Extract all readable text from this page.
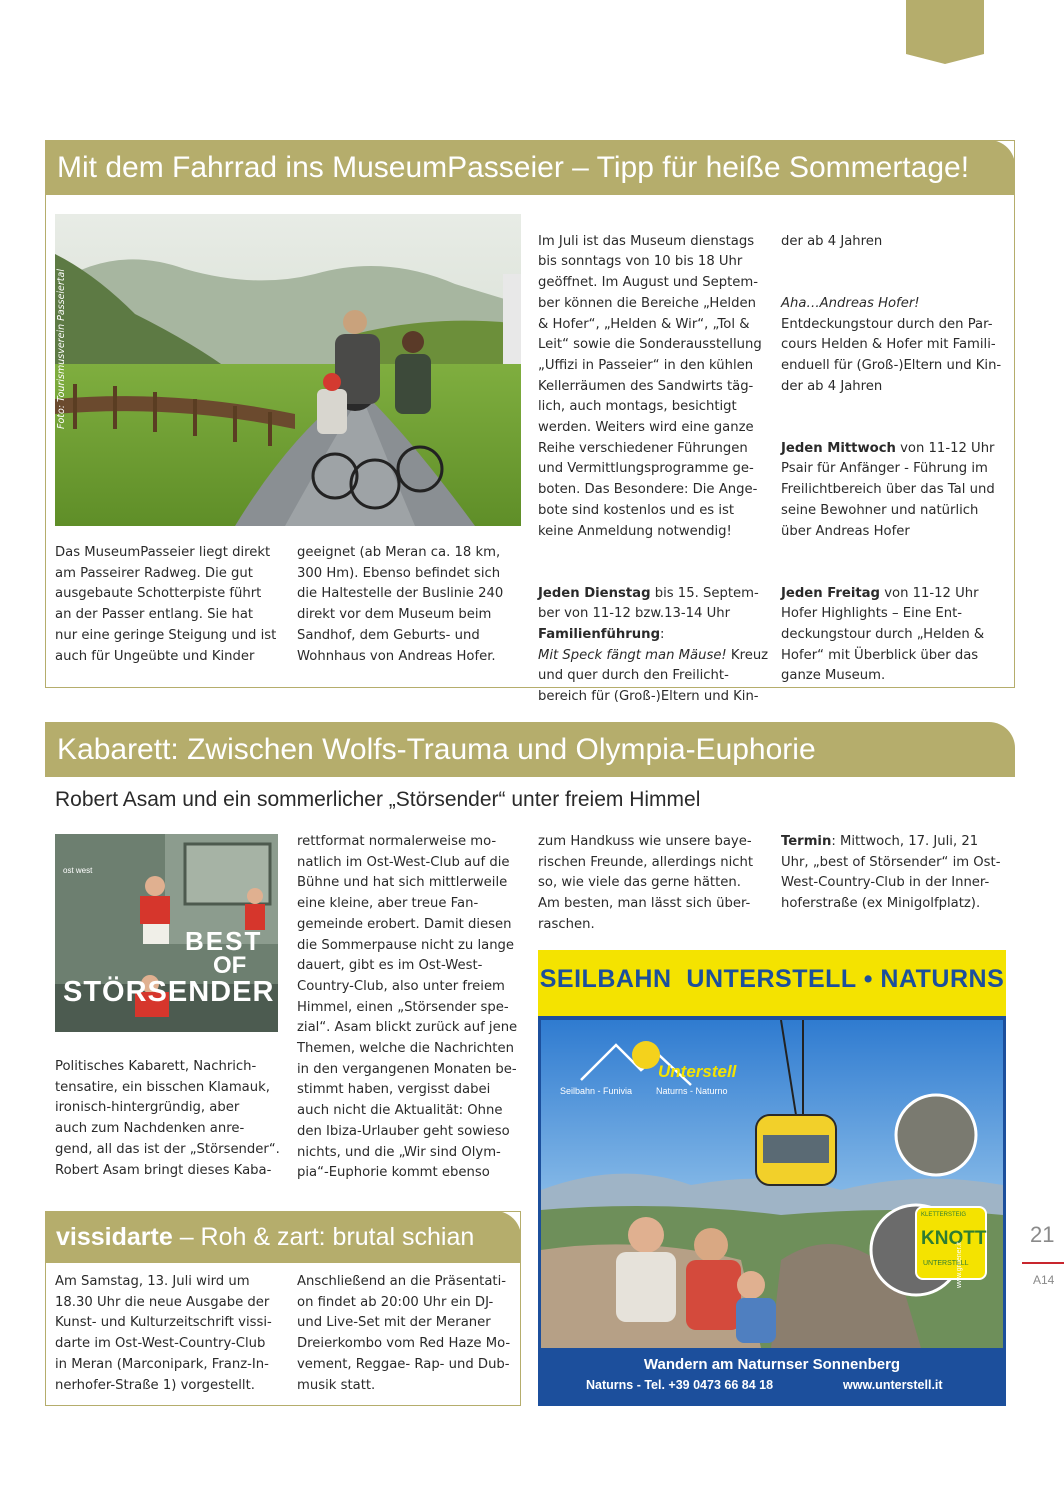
Mit dem Fahrrad ins MuseumPasseier – Tipp für heiße Sommertage!
Foto: Tourismusverein Passeiertal
Das MuseumPasseier liegt direkt
am Passeirer Radweg. Die gut
ausgebaute Schotterpiste führt
an der Passer entlang. Sie hat
nur eine geringe Steigung und ist
auch für Ungeübte und Kinder
geeignet (ab Meran ca. 18 km,
300 Hm). Ebenso befindet sich
die Haltestelle der Buslinie 240
direkt vor dem Museum beim
Sandhof, dem Geburts- und
Wohnhaus von Andreas Hofer.

Im Juli ist das Museum dienstags
bis sonntags von 10 bis 18 Uhr
geöffnet. Im August und Septem-
ber können die Bereiche „Helden
& Hofer“, „Helden & Wir“, „Tol &
Leit“ sowie die Sonderausstellung
„Uffizi in Passeier“ in den kühlen
Kellerräumen des Sandwirts täg-
lich, auch montags, besichtigt
werden. Weiters wird eine ganze
Reihe verschiedener Führungen
und Vermittlungsprogramme ge-
boten. Das Besondere: Die Ange-
bote sind kostenlos und es ist
keine Anmeldung notwendig!

Jeden Dienstag bis 15. Septem-
ber von 11-12 bzw.13-14 Uhr
Familienführung:
Mit Speck fängt man Mäuse! Kreuz
und quer durch den Freilicht-
bereich für (Groß-)Eltern und Kin-

der ab 4 Jahren

Aha…Andreas Hofer!
Entdeckungstour durch den Par-
cours Helden & Hofer mit Famili-
enduell für (Groß-)Eltern und Kin-
der ab 4 Jahren

Jeden Mittwoch von 11-12 Uhr
Psair für Anfänger - Führung im
Freilichtbereich über das Tal und
seine Bewohner und natürlich
über Andreas Hofer

Jeden Freitag von 11-12 Uhr
Hofer Highlights – Eine Ent-
deckungstour durch „Helden &
Hofer“ mit Überblick über das
ganze Museum.

Kabarett: Zwischen Wolfs-Trauma und Olympia-Euphorie
Robert Asam und ein sommerlicher „Störsender“ unter freiem Himmel
ost west
BEST
OF
STÖRSENDER
Politisches Kabarett, Nachrich-
tensatire, ein bisschen Klamauk,
ironisch-hintergründig, aber
auch zum Nachdenken anre-
gend, all das ist der „Störsender“.
Robert Asam bringt dieses Kaba-
rettformat normalerweise mo-
natlich im Ost-West-Club auf die
Bühne und hat sich mittlerweile
eine kleine, aber treue Fan-
gemeinde erobert. Damit diesen
die Sommerpause nicht zu lange
dauert, gibt es im Ost-West-
Country-Club, also unter freiem
Himmel, einen „Störsender spe-
zial“. Asam blickt zurück auf jene
Themen, welche die Nachrichten
in den vergangenen Monaten be-
stimmt haben, vergisst dabei
auch nicht die Aktualität: Ohne
den Ibiza-Urlauber geht sowieso
nichts, und die „Wir sind Olym-
pia“-Euphorie kommt ebenso
zum Handkuss wie unsere baye-
rischen Freunde, allerdings nicht
so, wie viele das gerne hätten.
Am besten, man lässt sich über-
raschen.
Termin: Mittwoch, 17. Juli, 21
Uhr, „best of Störsender“ im Ost-
West-Country-Club in der Inner-
hoferstraße (ex Minigolfplatz).
vissidarte – Roh & zart: brutal schian
Am Samstag, 13. Juli wird um
18.30 Uhr die neue Ausgabe der
Kunst- und Kulturzeitschrift vissi-
darte im Ost-West-Country-Club
in Meran (Marconipark, Franz-In-
nerhofer-Straße 1) vorgestellt.
Anschließend an die Präsentati-
on findet ab 20:00 Uhr ein DJ-
und Live-Set mit der Meraner
Dreierkombo vom Red Haze Mo-
vement, Reggae- Rap- und Dub-
musik statt.
SEILBAHN  UNTERSTELL • NATURNS
Unterstell
Seilbahn - Funivia	Naturns - Naturno
KLETTERSTEIG
KNOTT
UNTERSTELL
www.gruener.it
Wandern am Naturnser Sonnenberg
Naturns - Tel. +39 0473 66 84 18	www.unterstell.it
21
A14
